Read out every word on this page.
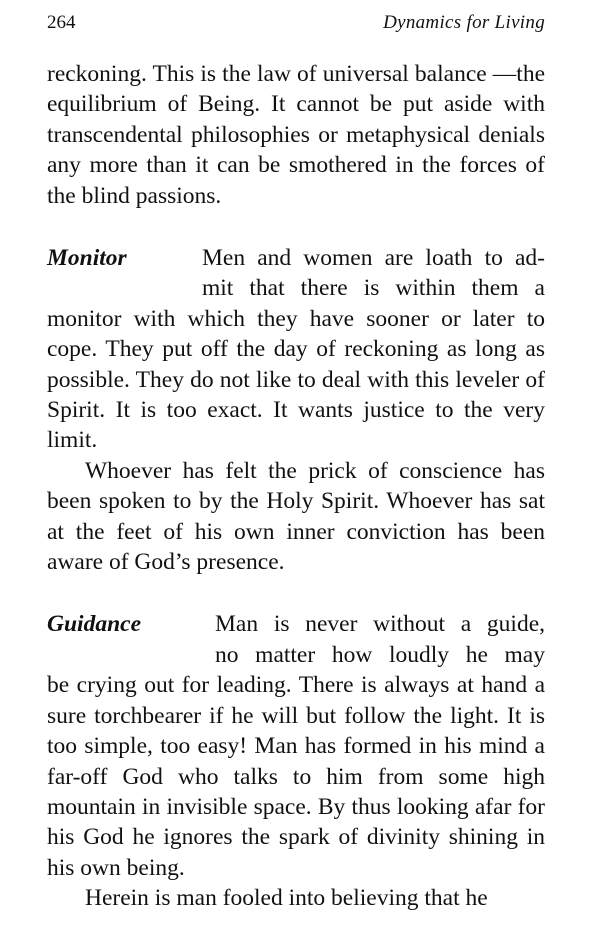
264	Dynamics for Living

reckoning. This is the law of universal balance —the equilibrium of Being. It cannot be put aside with transcendental philosophies or metaphysical denials any more than it can be smothered in the forces of the blind passions.

Monitor	Men and women are loath to ad-
mit that there is within them a

monitor with which they have sooner or later to cope. They put off the day of reckoning as long as possible. They do not like to deal with this leveler of Spirit. It is too exact. It wants justice to the very limit.

Whoever has felt the prick of conscience has been spoken to by the Holy Spirit. Whoever has sat at the feet of his own inner conviction has been aware of God’s presence.

Guidance	Man is never without a guide,
no matter how loudly he may

be crying out for leading. There is always at hand a sure torchbearer if he will but follow the light. It is too simple, too easy! Man has formed in his mind a far-off God who talks to him from some high mountain in invisible space. By thus looking afar for his God he ignores the spark of divinity shining in his own being.

Herein is man fooled into believing that he
